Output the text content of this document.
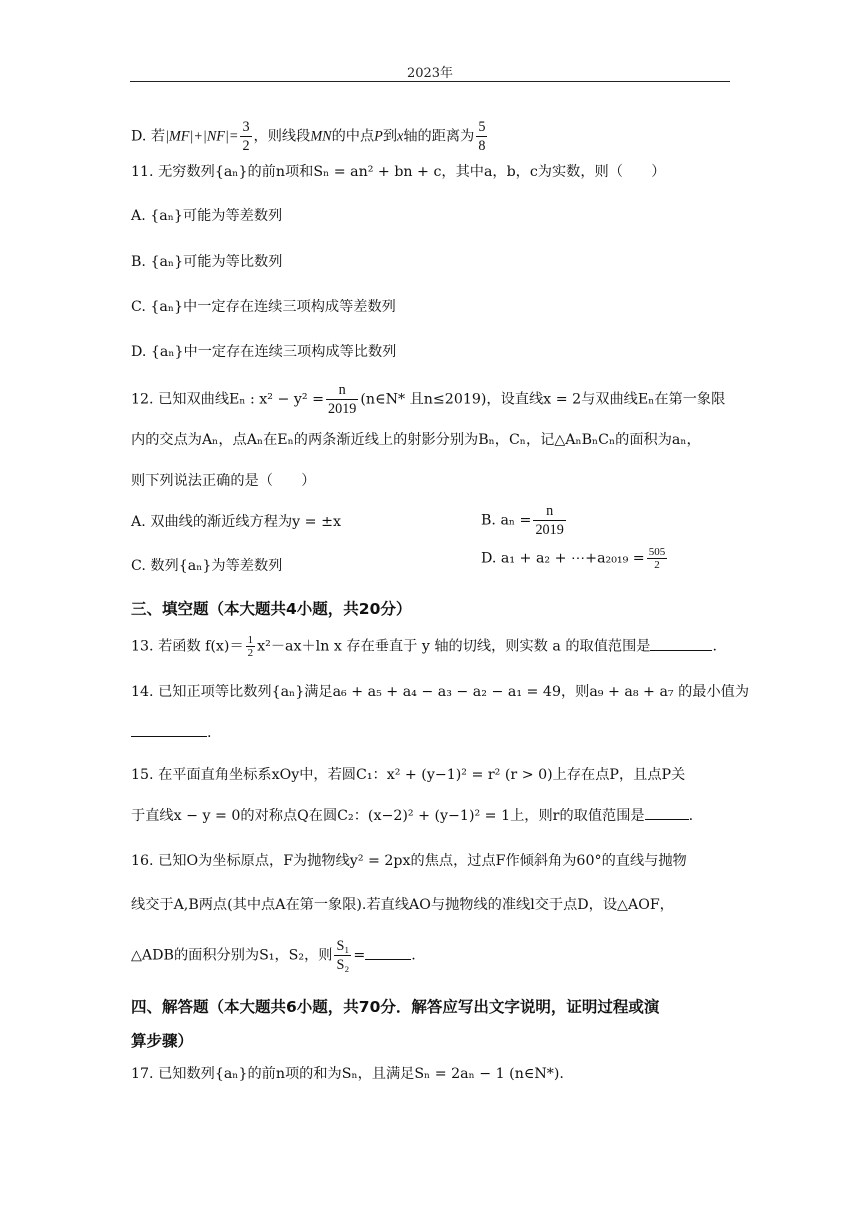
2023年
D. 若$|MF|+|NF|= \frac{3}{2}$ ，则线段MN的中点P到x轴的距离为 $\frac{5}{8}$
11. 无穷数列{aₙ}的前n项和Sₙ = an² + bn + c，其中a，b，c为实数，则（　　）
A. {aₙ}可能为等差数列
B. {aₙ}可能为等比数列
C. {aₙ}中一定存在连续三项构成等差数列
D. {aₙ}中一定存在连续三项构成等比数列
12. 已知双曲线Eₙ : $x^2 - y^2 = \frac{n}{2019}$ (n∈N* 且n≤2019)，设直线x = 2与双曲线Eₙ在第一象限
内的交点为Aₙ，点Aₙ在Eₙ的两条渐近线上的射影分别为Bₙ，Cₙ，记△AₙBₙCₙ的面积为aₙ，
则下列说法正确的是（　　）
A. 双曲线的渐近线方程为y = ±x	B. $a_n = \frac{n}{2019}$
C. 数列{aₙ}为等差数列	D. a₁ + a₂ + ⋯+a₂₀₁₉ = $\frac{505}{2}$
三、填空题（本大题共4小题，共20分）
13. 若函数 $f(x)= \frac{1}{2} x^2-ax+\ln$ x 存在垂直于 y 轴的切线，则实数 a 的取值范围是	.
14. 已知正项等比数列{aₙ}满足a₆ + a₅ + a₄ − a₃ − a₂ − a₁ = 49，则a₉ + a₈ + a₇ 的最小值为
.
15. 在平面直角坐标系xOy中，若圆C₁：x² + (y−1)² = r² (r > 0)上存在点P，且点P关
于直线x − y = 0的对称点Q在圆C₂：(x−2)² + (y−1)² = 1上，则r的取值范围是	.
16. 已知O为坐标原点，F为抛物线y² = 2px的焦点，过点F作倾斜角为60°的直线与抛物
线交于A,B两点(其中点A在第一象限).若直线AO与抛物线的准线l交于点D，设△AOF，
△ADB的面积分别为S₁，S₂，则 $\frac{\text{S₁}}{\text{S₂}}$ =	.
四、解答题（本大题共6小题，共70分．解答应写出文字说明，证明过程或演
算步骤）
17. 已知数列{aₙ}的前n项的和为Sₙ，且满足Sₙ = 2aₙ − 1 (n∈N*).
